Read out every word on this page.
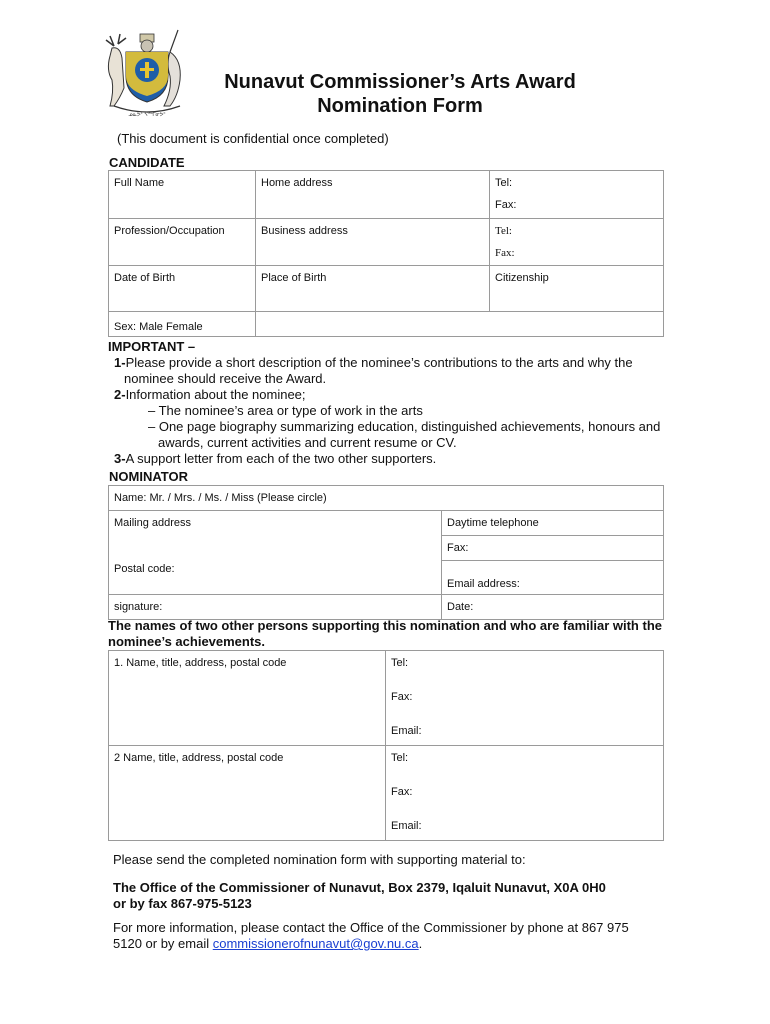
ᓄᓇᕗᑦ ᓴᙱᓂᕗᑦ
Nunavut Commissioner’s Arts Award
Nomination Form
(This document is confidential once completed)
CANDIDATE
Full Name	Home address	Tel:
Fax:

Profession/Occupation	Business address	Tel:
Fax:

Date of Birth	Place of Birth	Citizenship
Sex: Male Female		
IMPORTANT –
1-Please provide a short description of the nominee’s contributions to the arts and why the
nominee should receive the Award.
2-Information about the nominee;
– The nominee’s area or type of work in the arts
– One page biography summarizing education, distinguished achievements, honours and
awards, current activities and current resume or CV.
3-A support letter from each of the two other supporters.
NOMINATOR
Name: Mr. / Mrs. / Ms. / Miss (Please circle)	

Mailing address
Postal code:	Daytime telephone
	Fax:
	Email address:
signature:	Date:
The names of two other persons supporting this nomination and who are familiar with the
nominee’s achievements.
1. Name, title, address, postal code	Tel:
Fax:
Email:

2 Name, title, address, postal code	Tel:
Fax:
Email:
Please send the completed nomination form with supporting material to:
The Office of the Commissioner of Nunavut, Box 2379, Iqaluit Nunavut, X0A 0H0
or by fax 867-975-5123
For more information, please contact the Office of the Commissioner by phone at 867 975
5120 or by email commissionerofnunavut@gov.nu.ca.
